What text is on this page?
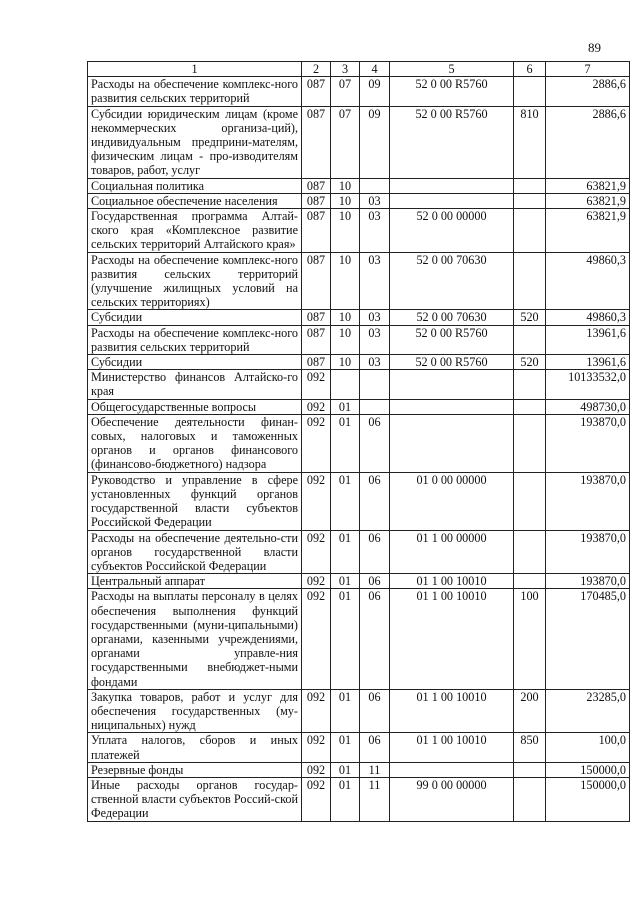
89
1	2	3	4	5	6	7
Расходы на обеспечение комплекс-ного развития сельских территорий	087	07	09	52 0 00 R5760		2886,6
Субсидии юридическим лицам (кроме некоммерческих организа-ций), индивидуальным предприни-мателям, физическим лицам - про-изводителям товаров, работ, услуг	087	07	09	52 0 00 R5760	810	2886,6
Социальная политика	087	10				63821,9
Социальное обеспечение населения	087	10	03			63821,9
Государственная программа Алтай-ского края «Комплексное развитие сельских территорий Алтайского края»	087	10	03	52 0 00 00000		63821,9
Расходы на обеспечение комплекс-ного развития сельских территорий (улучшение жилищных условий на сельских территориях)	087	10	03	52 0 00 70630		49860,3
Субсидии	087	10	03	52 0 00 70630	520	49860,3
Расходы на обеспечение комплекс-ного развития сельских территорий	087	10	03	52 0 00 R5760		13961,6
Субсидии	087	10	03	52 0 00 R5760	520	13961,6
Министерство финансов Алтайско-го края	092					10133532,0
Общегосударственные вопросы	092	01				498730,0
Обеспечение деятельности финан-совых, налоговых и таможенных органов и органов финансового (финансово-бюджетного) надзора	092	01	06			193870,0
Руководство и управление в сфере установленных функций органов государственной власти субъектов Российской Федерации	092	01	06	01 0 00 00000		193870,0
Расходы на обеспечение деятельно-сти органов государственной власти субъектов Российской Федерации	092	01	06	01 1 00 00000		193870,0
Центральный аппарат	092	01	06	01 1 00 10010		193870,0
Расходы на выплаты персоналу в целях обеспечения выполнения функций государственными (муни-ципальными) органами, казенными учреждениями, органами управле-ния государственными внебюджет-ными фондами	092	01	06	01 1 00 10010	100	170485,0
Закупка товаров, работ и услуг для обеспечения государственных (му-ниципальных) нужд	092	01	06	01 1 00 10010	200	23285,0
Уплата налогов, сборов и иных платежей	092	01	06	01 1 00 10010	850	100,0
Резервные фонды	092	01	11			150000,0
Иные расходы органов государ-ственной власти субъектов Россий-ской Федерации	092	01	11	99 0 00 00000		150000,0
